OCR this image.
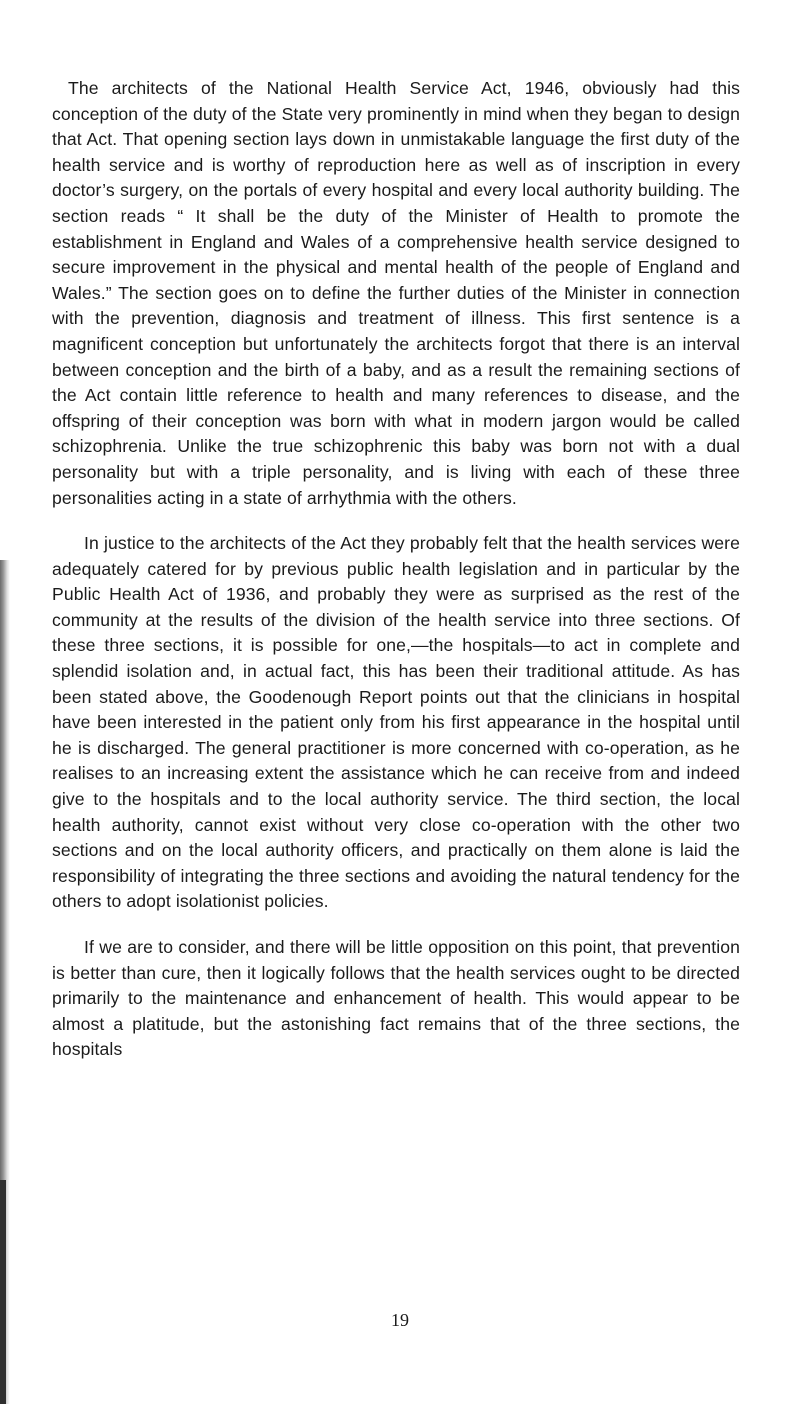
The architects of the National Health Service Act, 1946, obviously had this conception of the duty of the State very prominently in mind when they began to design that Act. That opening section lays down in unmistakable language the first duty of the health service and is worthy of reproduction here as well as of inscription in every doctor’s surgery, on the portals of every hospital and every local authority building. The section reads “ It shall be the duty of the Minister of Health to promote the establishment in England and Wales of a comprehensive health service designed to secure improvement in the physical and mental health of the people of England and Wales.” The section goes on to define the further duties of the Minister in connection with the prevention, diagnosis and treatment of illness. This first sentence is a magnificent conception but unfortunately the architects forgot that there is an interval between conception and the birth of a baby, and as a result the remaining sections of the Act contain little reference to health and many references to disease, and the offspring of their conception was born with what in modern jargon would be called schizophrenia. Unlike the true schizophrenic this baby was born not with a dual personality but with a triple personality, and is living with each of these three personalities acting in a state of arrhythmia with the others.

In justice to the architects of the Act they probably felt that the health services were adequately catered for by previous public health legislation and in particular by the Public Health Act of 1936, and probably they were as surprised as the rest of the community at the results of the division of the health service into three sections. Of these three sections, it is possible for one,—the hospitals—to act in complete and splendid isolation and, in actual fact, this has been their traditional attitude. As has been stated above, the Goodenough Report points out that the clinicians in hospital have been interested in the patient only from his first appearance in the hospital until he is discharged. The general practitioner is more concerned with co-operation, as he realises to an increasing extent the assistance which he can receive from and indeed give to the hospitals and to the local authority service. The third section, the local health authority, cannot exist without very close co-operation with the other two sections and on the local authority officers, and practically on them alone is laid the responsibility of integrating the three sections and avoiding the natural tendency for the others to adopt isolationist policies.

If we are to consider, and there will be little opposition on this point, that prevention is better than cure, then it logically follows that the health services ought to be directed primarily to the maintenance and enhancement of health. This would appear to be almost a platitude, but the astonishing fact remains that of the three sections, the hospitals

19
